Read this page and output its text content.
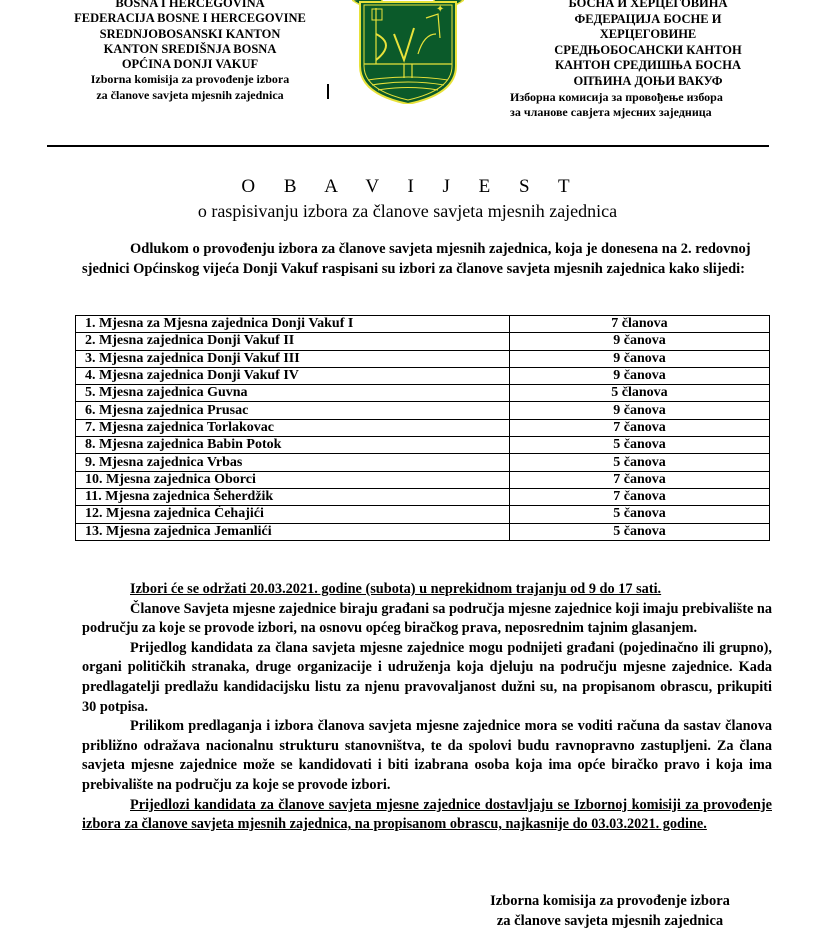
BOSNA I HERCEGOVINA
FEDERACIJA BOSNE I HERCEGOVINE
SREDNJOBOSANSKI KANTON
KANTON SREDIŠNJA BOSNA
OPĆINA DONJI VAKUF
Izborna komisija za provođenje izbora
za članove savjeta mjesnih zajednica
✦	БОСНА И ХЕРЦЕГОВИНА
ФЕДЕРАЦИЈА БОСНЕ И
ХЕРЦЕГОВИНЕ
СРЕДЊОБОСАНСКИ КАНТОН
КАНТОН СРЕДИШЊА БОСНА
ОПЋИНА ДОЊИ ВАКУФ
Изборна комисија за провођење избора
за чланове савјета мјесних заједница
O B A V I J E S T
o raspisivanju izbora za članove savjeta mjesnih zajednica
Odlukom o provođenju izbora za članove savjeta mjesnih zajednica, koja je donesena na 2. redovnoj sjednici Općinskog vijeća Donji Vakuf raspisani su izbori za članove savjeta mjesnih zajednica kako slijedi:
1. Mjesna za Mjesna zajednica Donji Vakuf I	7 članova
2. Mjesna zajednica Donji Vakuf II	9 čanova
3. Mjesna zajednica Donji Vakuf III	9 čanova
4. Mjesna zajednica Donji Vakuf IV	9 čanova
5. Mjesna zajednica Guvna	5 članova
6. Mjesna zajednica Prusac	9 čanova
7. Mjesna zajednica Torlakovac	7 čanova
8. Mjesna zajednica Babin Potok	5 čanova
9. Mjesna zajednica Vrbas	5 čanova
10. Mjesna zajednica Oborci	7 čanova
11. Mjesna zajednica Šeherdžik	7 čanova
12. Mjesna zajednica Ćehajići	5 čanova
13. Mjesna zajednica Jemanlići	5 čanova
Izbori će se održati 20.03.2021. godine (subota) u neprekidnom trajanju od 9 do 17 sati.
Članove Savjeta mjesne zajednice biraju građani sa područja mjesne zajednice koji imaju prebivalište na području za koje se provode izbori, na osnovu općeg biračkog prava, neposrednim tajnim glasanjem.
Prijedlog kandidata za člana savjeta mjesne zajednice mogu podnijeti građani (pojedinačno ili grupno), organi političkih stranaka, druge organizacije i udruženja koja djeluju na području mjesne zajednice. Kada predlagatelji predlažu kandidacijsku listu za njenu pravovaljanost dužni su, na propisanom obrascu, prikupiti 30 potpisa.
Prilikom predlaganja i izbora članova savjeta mjesne zajednice mora se voditi računa da sastav članova približno odražava nacionalnu strukturu stanovništva, te da spolovi budu ravnopravno zastupljeni. Za člana savjeta mjesne zajednice može se kandidovati i biti izabrana osoba koja ima opće biračko pravo i koja ima prebivalište na području za koje se provode izbori.
Prijedlozi kandidata za članove savjeta mjesne zajednice dostavljaju se Izbornoj komisiji za provođenje izbora za članove savjeta mjesnih zajednica, na propisanom obrascu, najkasnije do 03.03.2021. godine.
Izborna komisija za provođenje izbora
za članove savjeta mjesnih zajednica
